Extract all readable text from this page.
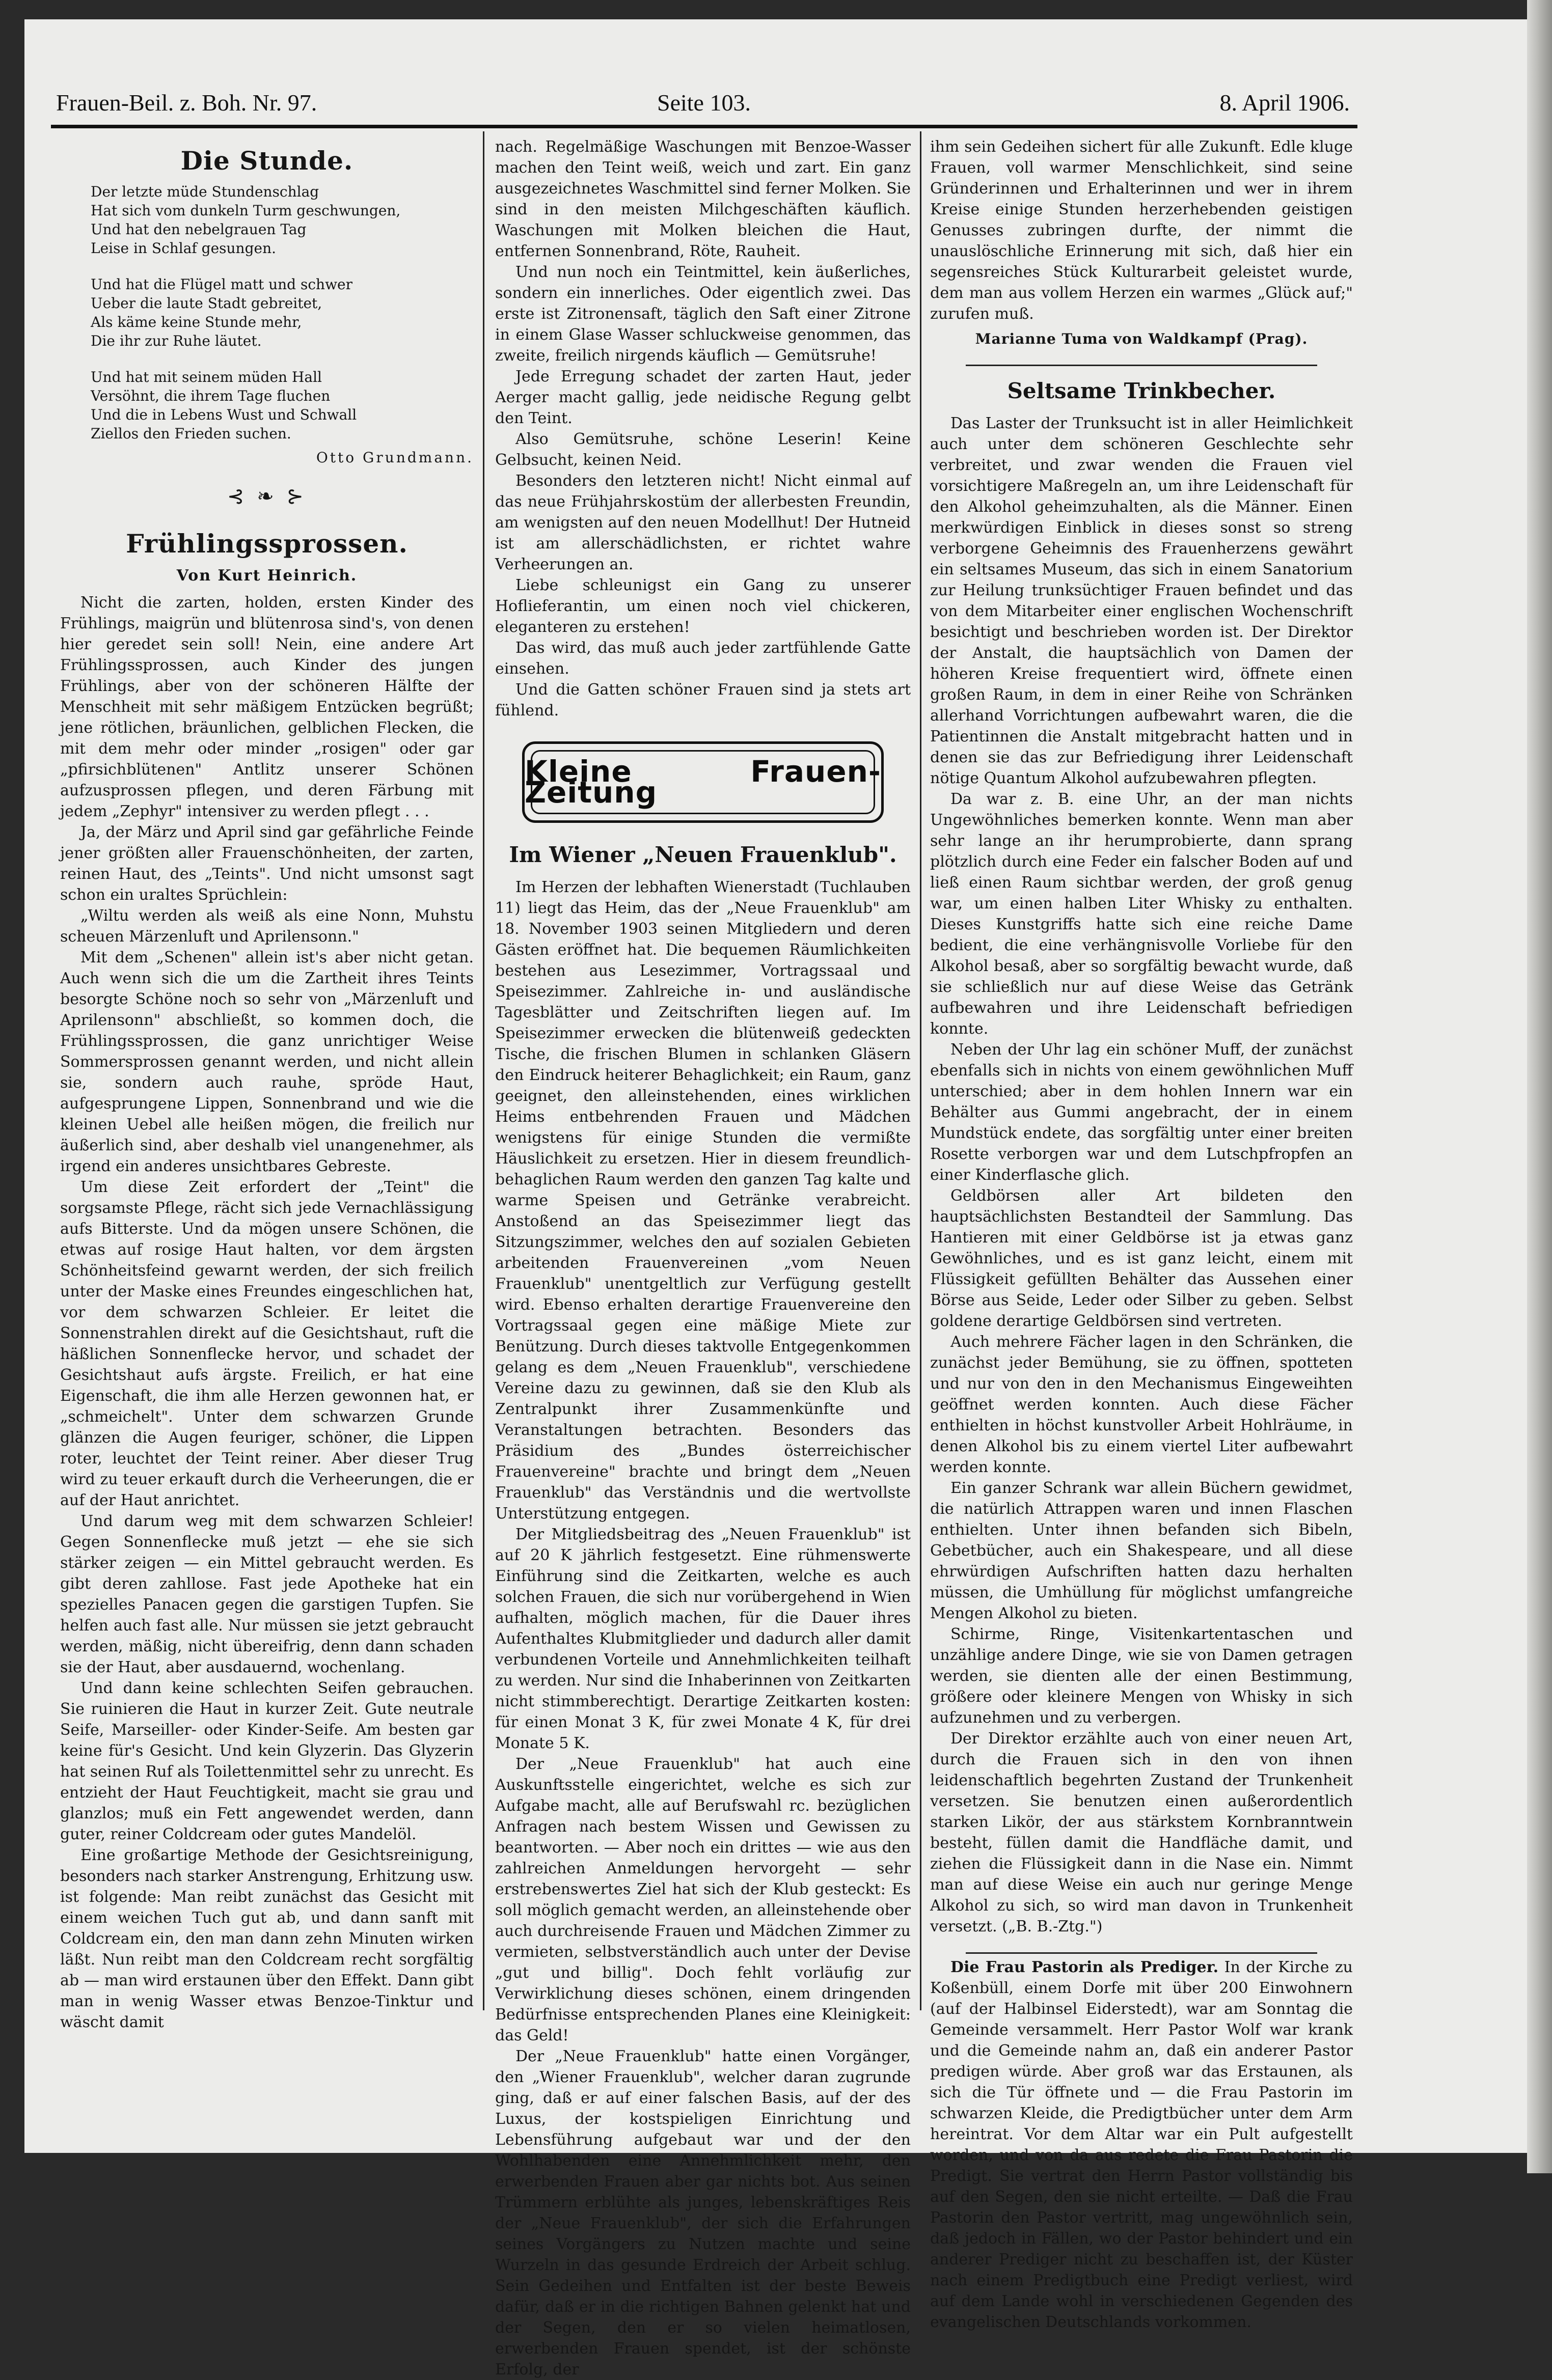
Frauen-Beil. z. Boh. Nr. 97.	Seite 103.	8. April 1906.
Die Stunde.
Der letzte müde Stundenschlag
Hat sich vom dunkeln Turm geschwungen,
Und hat den nebelgrauen Tag
Leise in Schlaf gesungen.
Und hat die Flügel matt und schwer
Ueber die laute Stadt gebreitet,
Als käme keine Stunde mehr,
Die ihr zur Ruhe läutet.
Und hat mit seinem müden Hall
Versöhnt, die ihrem Tage fluchen
Und die in Lebens Wust und Schwall
Ziellos den Frieden suchen.
Otto Grundmann.
⊰ ❧ ⊱
Frühlingssprossen.
Von Kurt Heinrich.

Nicht die zarten, holden, ersten Kinder des Frühlings, maigrün und blütenrosa sind's, von denen hier geredet sein soll! Nein, eine andere Art Frühlingssprossen, auch Kinder des jungen Frühlings, aber von der schöneren Hälfte der Menschheit mit sehr mäßigem Entzücken begrüßt; jene rötlichen, bräunlichen, gelblichen Flecken, die mit dem mehr oder minder „rosigen" oder gar „pfirsichblütenen" Antlitz unserer Schönen aufzusprossen pflegen, und deren Färbung mit jedem „Zephyr" intensiver zu werden pflegt . . .

Ja, der März und April sind gar gefährliche Feinde jener größten aller Frauenschönheiten, der zarten, reinen Haut, des „Teints". Und nicht umsonst sagt schon ein uraltes Sprüchlein:

„Wiltu werden als weiß als eine Nonn, Muhstu scheuen Märzenluft und Aprilensonn."

Mit dem „Schenen" allein ist's aber nicht getan. Auch wenn sich die um die Zartheit ihres Teints besorgte Schöne noch so sehr von „Märzenluft und Aprilensonn" abschließt, so kommen doch, die Frühlingssprossen, die ganz unrichtiger Weise Sommersprossen genannt werden, und nicht allein sie, sondern auch rauhe, spröde Haut, aufgesprungene Lippen, Sonnenbrand und wie die kleinen Uebel alle heißen mögen, die freilich nur äußerlich sind, aber deshalb viel unangenehmer, als irgend ein anderes unsichtbares Gebreste.

Um diese Zeit erfordert der „Teint" die sorgsamste Pflege, rächt sich jede Vernachlässigung aufs Bitterste. Und da mögen unsere Schönen, die etwas auf rosige Haut halten, vor dem ärgsten Schönheitsfeind gewarnt werden, der sich freilich unter der Maske eines Freundes eingeschlichen hat, vor dem schwarzen Schleier. Er leitet die Sonnenstrahlen direkt auf die Gesichtshaut, ruft die häßlichen Sonnenflecke hervor, und schadet der Gesichtshaut aufs ärgste. Freilich, er hat eine Eigenschaft, die ihm alle Herzen gewonnen hat, er „schmeichelt". Unter dem schwarzen Grunde glänzen die Augen feuriger, schöner, die Lippen roter, leuchtet der Teint reiner. Aber dieser Trug wird zu teuer erkauft durch die Verheerungen, die er auf der Haut anrichtet.

Und darum weg mit dem schwarzen Schleier! Gegen Sonnenflecke muß jetzt — ehe sie sich stärker zeigen — ein Mittel gebraucht werden. Es gibt deren zahllose. Fast jede Apotheke hat ein spezielles Panacen gegen die garstigen Tupfen. Sie helfen auch fast alle. Nur müssen sie jetzt gebraucht werden, mäßig, nicht übereifrig, denn dann schaden sie der Haut, aber ausdauernd, wochenlang.

Und dann keine schlechten Seifen gebrauchen. Sie ruinieren die Haut in kurzer Zeit. Gute neutrale Seife, Marseiller- oder Kinder-Seife. Am besten gar keine für's Gesicht. Und kein Glyzerin. Das Glyzerin hat seinen Ruf als Toilettenmittel sehr zu unrecht. Es entzieht der Haut Feuchtigkeit, macht sie grau und glanzlos; muß ein Fett angewendet werden, dann guter, reiner Coldcream oder gutes Mandelöl.

Eine großartige Methode der Gesichtsreinigung, besonders nach starker Anstrengung, Erhitzung usw. ist folgende: Man reibt zunächst das Gesicht mit einem weichen Tuch gut ab, und dann sanft mit Coldcream ein, den man dann zehn Minuten wirken läßt. Nun reibt man den Coldcream recht sorgfältig ab — man wird erstaunen über den Effekt. Dann gibt man in wenig Wasser etwas Benzoe-Tinktur und wäscht damit

nach. Regelmäßige Waschungen mit Benzoe-Wasser machen den Teint weiß, weich und zart. Ein ganz ausgezeichnetes Waschmittel sind ferner Molken. Sie sind in den meisten Milchgeschäften käuflich. Waschungen mit Molken bleichen die Haut, entfernen Sonnenbrand, Röte, Rauheit.

Und nun noch ein Teintmittel, kein äußerliches, sondern ein innerliches. Oder eigentlich zwei. Das erste ist Zitronensaft, täglich den Saft einer Zitrone in einem Glase Wasser schluckweise genommen, das zweite, freilich nirgends käuflich — Gemütsruhe!

Jede Erregung schadet der zarten Haut, jeder Aerger macht gallig, jede neidische Regung gelbt den Teint.

Also Gemütsruhe, schöne Leserin! Keine Gelbsucht, keinen Neid.

Besonders den letzteren nicht! Nicht einmal auf das neue Frühjahrskostüm der allerbesten Freundin, am wenigsten auf den neuen Modellhut! Der Hutneid ist am allerschädlichsten, er richtet wahre Verheerungen an.

Liebe schleunigst ein Gang zu unserer Hoflieferantin, um einen noch viel chickeren, eleganteren zu erstehen!

Das wird, das muß auch jeder zartfühlende Gatte einsehen.

Und die Gatten schöner Frauen sind ja stets art fühlend.

Kleine Frauen-Zeitung
Im Wiener „Neuen Frauenklub".

Im Herzen der lebhaften Wienerstadt (Tuchlauben 11) liegt das Heim, das der „Neue Frauenklub" am 18. November 1903 seinen Mitgliedern und deren Gästen eröffnet hat. Die bequemen Räumlichkeiten bestehen aus Lesezimmer, Vortragssaal und Speisezimmer. Zahlreiche in- und ausländische Tagesblätter und Zeitschriften liegen auf. Im Speisezimmer erwecken die blütenweiß gedeckten Tische, die frischen Blumen in schlanken Gläsern den Eindruck heiterer Behaglichkeit; ein Raum, ganz geeignet, den alleinstehenden, eines wirklichen Heims entbehrenden Frauen und Mädchen wenigstens für einige Stunden die vermißte Häuslichkeit zu ersetzen. Hier in diesem freundlich-behaglichen Raum werden den ganzen Tag kalte und warme Speisen und Getränke verabreicht. Anstoßend an das Speisezimmer liegt das Sitzungszimmer, welches den auf sozialen Gebieten arbeitenden Frauenvereinen „vom Neuen Frauenklub" unentgeltlich zur Verfügung gestellt wird. Ebenso erhalten derartige Frauenvereine den Vortragssaal gegen eine mäßige Miete zur Benützung. Durch dieses taktvolle Entgegenkommen gelang es dem „Neuen Frauenklub", verschiedene Vereine dazu zu gewinnen, daß sie den Klub als Zentralpunkt ihrer Zusammenkünfte und Veranstaltungen betrachten. Besonders das Präsidium des „Bundes österreichischer Frauenvereine" brachte und bringt dem „Neuen Frauenklub" das Verständnis und die wertvollste Unterstützung entgegen.

Der Mitgliedsbeitrag des „Neuen Frauenklub" ist auf 20 K jährlich festgesetzt. Eine rühmenswerte Einführung sind die Zeitkarten, welche es auch solchen Frauen, die sich nur vorübergehend in Wien aufhalten, möglich machen, für die Dauer ihres Aufenthaltes Klubmitglieder und dadurch aller damit verbundenen Vorteile und Annehmlichkeiten teilhaft zu werden. Nur sind die Inhaberinnen von Zeitkarten nicht stimmberechtigt. Derartige Zeitkarten kosten: für einen Monat 3 K, für zwei Monate 4 K, für drei Monate 5 K.

Der „Neue Frauenklub" hat auch eine Auskunftsstelle eingerichtet, welche es sich zur Aufgabe macht, alle auf Berufswahl rc. bezüglichen Anfragen nach bestem Wissen und Gewissen zu beantworten. — Aber noch ein drittes — wie aus den zahlreichen Anmeldungen hervorgeht — sehr erstrebenswertes Ziel hat sich der Klub gesteckt: Es soll möglich gemacht werden, an alleinstehende ober auch durchreisende Frauen und Mädchen Zimmer zu vermieten, selbstverständlich auch unter der Devise „gut und billig". Doch fehlt vorläufig zur Verwirklichung dieses schönen, einem dringenden Bedürfnisse entsprechenden Planes eine Kleinigkeit: das Geld!

Der „Neue Frauenklub" hatte einen Vorgänger, den „Wiener Frauenklub", welcher daran zugrunde ging, daß er auf einer falschen Basis, auf der des Luxus, der kostspieligen Einrichtung und Lebensführung aufgebaut war und der den Wohlhabenden eine Annehmlichkeit mehr, den erwerbenden Frauen aber gar nichts bot. Aus seinen Trümmern erblühte als junges, lebenskräftiges Reis der „Neue Frauenklub", der sich die Erfahrungen seines Vorgängers zu Nutzen machte und seine Wurzeln in das gesunde Erdreich der Arbeit schlug. Sein Gedeihen und Entfalten ist der beste Beweis dafür, daß er in die richtigen Bahnen gelenkt hat und der Segen, den er so vielen heimatlosen, erwerbenden Frauen spendet, ist der schönste Erfolg, der

ihm sein Gedeihen sichert für alle Zukunft. Edle kluge Frauen, voll warmer Menschlichkeit, sind seine Gründerinnen und Erhalterinnen und wer in ihrem Kreise einige Stunden herzerhebenden geistigen Genusses zubringen durfte, der nimmt die unauslöschliche Erinnerung mit sich, daß hier ein segensreiches Stück Kulturarbeit geleistet wurde, dem man aus vollem Herzen ein warmes „Glück auf;" zurufen muß.

Marianne Tuma von Waldkampf (Prag).
Seltsame Trinkbecher.

Das Laster der Trunksucht ist in aller Heimlichkeit auch unter dem schöneren Geschlechte sehr verbreitet, und zwar wenden die Frauen viel vorsichtigere Maßregeln an, um ihre Leidenschaft für den Alkohol geheimzuhalten, als die Männer. Einen merkwürdigen Einblick in dieses sonst so streng verborgene Geheimnis des Frauenherzens gewährt ein seltsames Museum, das sich in einem Sanatorium zur Heilung trunksüchtiger Frauen befindet und das von dem Mitarbeiter einer englischen Wochenschrift besichtigt und beschrieben worden ist. Der Direktor der Anstalt, die hauptsächlich von Damen der höheren Kreise frequentiert wird, öffnete einen großen Raum, in dem in einer Reihe von Schränken allerhand Vorrichtungen aufbewahrt waren, die die Patientinnen die Anstalt mitgebracht hatten und in denen sie das zur Befriedigung ihrer Leidenschaft nötige Quantum Alkohol aufzubewahren pflegten.

Da war z. B. eine Uhr, an der man nichts Ungewöhnliches bemerken konnte. Wenn man aber sehr lange an ihr herumprobierte, dann sprang plötzlich durch eine Feder ein falscher Boden auf und ließ einen Raum sichtbar werden, der groß genug war, um einen halben Liter Whisky zu enthalten. Dieses Kunstgriffs hatte sich eine reiche Dame bedient, die eine verhängnisvolle Vorliebe für den Alkohol besaß, aber so sorgfältig bewacht wurde, daß sie schließlich nur auf diese Weise das Getränk aufbewahren und ihre Leidenschaft befriedigen konnte.

Neben der Uhr lag ein schöner Muff, der zunächst ebenfalls sich in nichts von einem gewöhnlichen Muff unterschied; aber in dem hohlen Innern war ein Behälter aus Gummi angebracht, der in einem Mundstück endete, das sorgfältig unter einer breiten Rosette verborgen war und dem Lutschpfropfen an einer Kinderflasche glich.

Geldbörsen aller Art bildeten den hauptsächlichsten Bestandteil der Sammlung. Das Hantieren mit einer Geldbörse ist ja etwas ganz Gewöhnliches, und es ist ganz leicht, einem mit Flüssigkeit gefüllten Behälter das Aussehen einer Börse aus Seide, Leder oder Silber zu geben. Selbst goldene derartige Geldbörsen sind vertreten.

Auch mehrere Fächer lagen in den Schränken, die zunächst jeder Bemühung, sie zu öffnen, spotteten und nur von den in den Mechanismus Eingeweihten geöffnet werden konnten. Auch diese Fächer enthielten in höchst kunstvoller Arbeit Hohlräume, in denen Alkohol bis zu einem viertel Liter aufbewahrt werden konnte.

Ein ganzer Schrank war allein Büchern gewidmet, die natürlich Attrappen waren und innen Flaschen enthielten. Unter ihnen befanden sich Bibeln, Gebetbücher, auch ein Shakespeare, und all diese ehrwürdigen Aufschriften hatten dazu herhalten müssen, die Umhüllung für möglichst umfangreiche Mengen Alkohol zu bieten.

Schirme, Ringe, Visitenkartentaschen und unzählige andere Dinge, wie sie von Damen getragen werden, sie dienten alle der einen Bestimmung, größere oder kleinere Mengen von Whisky in sich aufzunehmen und zu verbergen.

Der Direktor erzählte auch von einer neuen Art, durch die Frauen sich in den von ihnen leidenschaftlich begehrten Zustand der Trunkenheit versetzen. Sie benutzen einen außerordentlich starken Likör, der aus stärkstem Kornbranntwein besteht, füllen damit die Handfläche damit, und ziehen die Flüssigkeit dann in die Nase ein. Nimmt man auf diese Weise ein auch nur geringe Menge Alkohol zu sich, so wird man davon in Trunkenheit versetzt. („B. B.-Ztg.")

Die Frau Pastorin als Prediger. In der Kirche zu Koßenbüll, einem Dorfe mit über 200 Einwohnern (auf der Halbinsel Eiderstedt), war am Sonntag die Gemeinde versammelt. Herr Pastor Wolf war krank und die Gemeinde nahm an, daß ein anderer Pastor predigen würde. Aber groß war das Erstaunen, als sich die Tür öffnete und — die Frau Pastorin im schwarzen Kleide, die Predigtbücher unter dem Arm hereintrat. Vor dem Altar war ein Pult aufgestellt worden, und von da aus redete die Frau Pastorin die Predigt. Sie vertrat den Herrn Pastor vollständig bis auf den Segen, den sie nicht erteilte. — Daß die Frau Pastorin den Pastor vertritt, mag ungewöhnlich sein, daß jedoch in Fällen, wo der Pastor behindert und ein anderer Prediger nicht zu beschaffen ist, der Küster nach einem Predigtbuch eine Predigt verliest, wird auf dem Lande wohl in verschiedenen Gegenden des evangelischen Deutschlands vorkommen.
